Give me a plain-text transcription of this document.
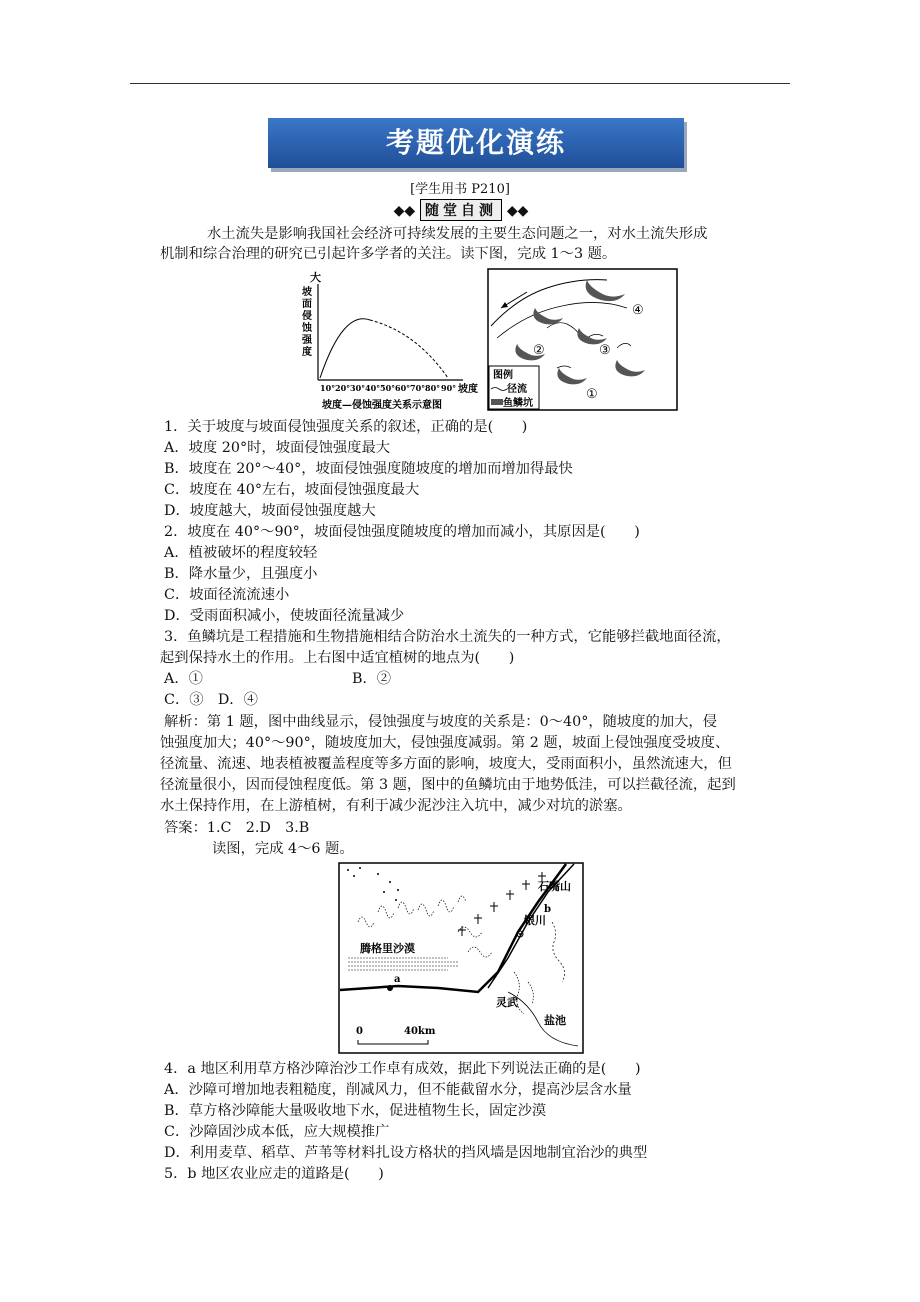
考题优化演练
[学生用书 P210]
◆◆ 随堂自测 ◆◆
水土流失是影响我国社会经济可持续发展的主要生态问题之一，对水土流失形成
机制和综合治理的研究已引起许多学者的关注。读下图，完成 1～3 题。
大
坡
面
侵
蚀
强
度
10° 20° 30° 40° 50° 60° 70° 80° 90° 坡度
坡度—侵蚀强度关系示意图
①
②	③
④
图例
径流
鱼鳞坑
1．关于坡度与坡面侵蚀强度关系的叙述，正确的是(　　)
A．坡度 20°时，坡面侵蚀强度最大
B．坡度在 20°～40°，坡面侵蚀强度随坡度的增加而增加得最快
C．坡度在 40°左右，坡面侵蚀强度最大
D．坡度越大，坡面侵蚀强度越大
2．坡度在 40°～90°，坡面侵蚀强度随坡度的增加而减小，其原因是(　　)
A．植被破坏的程度较轻
B．降水量少，且强度小
C．坡面径流流速小
D．受雨面积减小，使坡面径流量减少
3．鱼鳞坑是工程措施和生物措施相结合防治水土流失的一种方式，它能够拦截地面径流，
起到保持水土的作用。上右图中适宜植树的地点为(　　)
A．①	B．②
C．③　D．④
解析：第 1 题，图中曲线显示，侵蚀强度与坡度的关系是：0～40°，随坡度的加大，侵
蚀强度加大；40°～90°，随坡度加大，侵蚀强度减弱。第 2 题，坡面上侵蚀强度受坡度、
径流量、流速、地表植被覆盖程度等多方面的影响，坡度大，受雨面积小，虽然流速大，但
径流量很小，因而侵蚀程度低。第 3 题，图中的鱼鳞坑由于地势低洼，可以拦截径流，起到
水土保持作用，在上游植树，有利于减少泥沙注入坑中，减少对坑的淤塞。
答案：1.C　2.D　3.B
读图，完成 4～6 题。
腾格里沙漠
石嘴山
银川
灵武
盐池
a
b
0	40km
4．a 地区利用草方格沙障治沙工作卓有成效，据此下列说法正确的是(　　)
A．沙障可增加地表粗糙度，削减风力，但不能截留水分，提高沙层含水量
B．草方格沙障能大量吸收地下水，促进植物生长，固定沙漠
C．沙障固沙成本低，应大规模推广
D．利用麦草、稻草、芦苇等材料扎设方格状的挡风墙是因地制宜治沙的典型
5．b 地区农业应走的道路是(　　)
